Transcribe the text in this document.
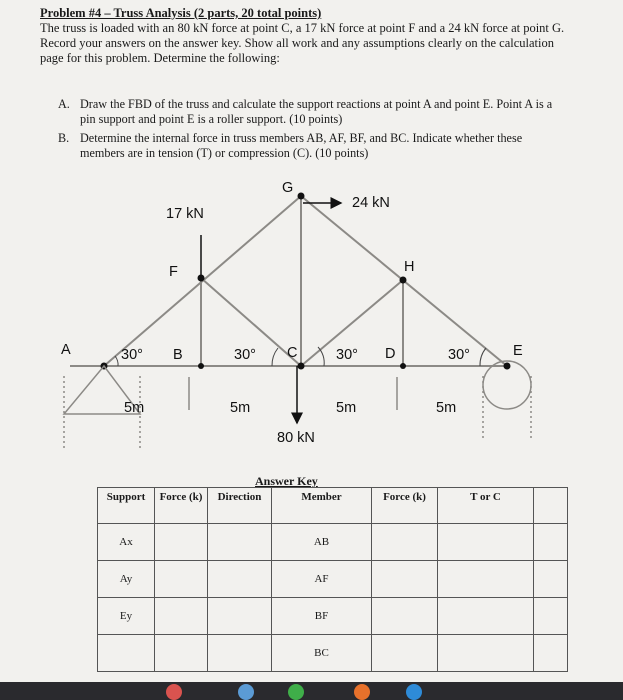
Problem #4 – Truss Analysis (2 parts, 20 total points)
The truss is loaded with an 80 kN force at point C, a 17 kN force at point F and a 24 kN force at point G. Record your answers on the answer key. Show all work and any assumptions clearly on the calculation page for this problem. Determine the following:
A. Draw the FBD of the truss and calculate the support reactions at point A and point E. Point A is a pin support and point E is a roller support. (10 points)
B. Determine the internal force in truss members AB, AF, BF, and BC. Indicate whether these members are in tension (T) or compression (C). (10 points)
G
24 kN
17 kN
F	H
A	30° B	30° C	30° D	30°	E
5m	5m	5m	5m
80 kN
Answer Key
Support	Force (k)	Direction	Member	Force (k)	T or C	
Ax			AB			
Ay			AF			
Ey			BF			
			BC			
